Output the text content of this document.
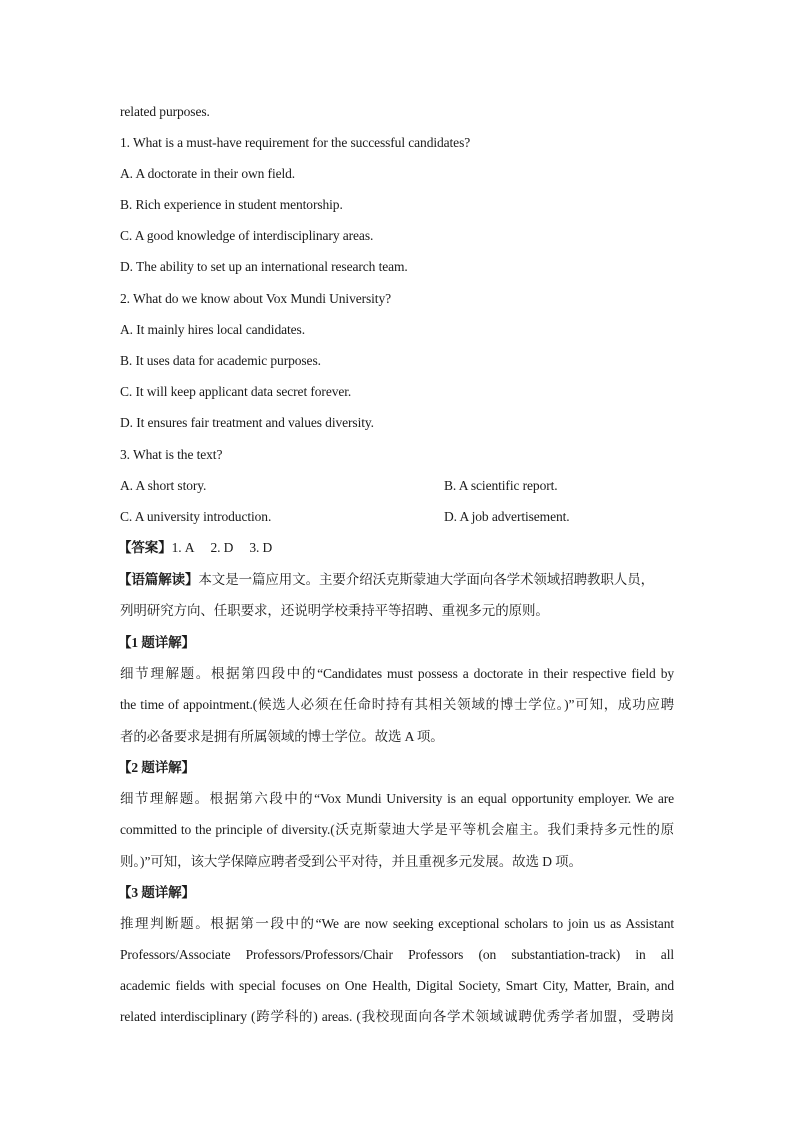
related purposes.
1. What is a must-have requirement for the successful candidates?
A. A doctorate in their own field.
B. Rich experience in student mentorship.
C. A good knowledge of interdisciplinary areas.
D. The ability to set up an international research team.
2. What do we know about Vox Mundi University?
A. It mainly hires local candidates.
B. It uses data for academic purposes.
C. It will keep applicant data secret forever.
D. It ensures fair treatment and values diversity.
3. What is the text?
A. A short story.	B. A scientific report.
C. A university introduction.	D. A job advertisement.
【答案】1. A 2. D 3. D
【语篇解读】本文是一篇应用文。主要介绍沃克斯蒙迪大学面向各学术领域招聘教职人员，
列明研究方向、任职要求，还说明学校秉持平等招聘、重视多元的原则。
【1 题详解】
细节理解题。根据第四段中的“Candidates must possess a doctorate in their respective field by
the time of appointment.(候选人必须在任命时持有其相关领域的博士学位。)”可知，成功应聘
者的必备要求是拥有所属领域的博士学位。故选 A 项。
【2 题详解】
细节理解题。根据第六段中的“Vox Mundi University is an equal opportunity employer. We are
committed to the principle of diversity.(沃克斯蒙迪大学是平等机会雇主。我们秉持多元性的原
则。)”可知，该大学保障应聘者受到公平对待，并且重视多元发展。故选 D 项。
【3 题详解】
推理判断题。根据第一段中的“We are now seeking exceptional scholars to join us as Assistant
Professors/Associate Professors/Professors/Chair Professors (on substantiation-track) in all
academic fields with special focuses on One Health, Digital Society, Smart City, Matter, Brain, and
related interdisciplinary (跨学科的) areas. (我校现面向各学术领域诚聘优秀学者加盟，受聘岗
